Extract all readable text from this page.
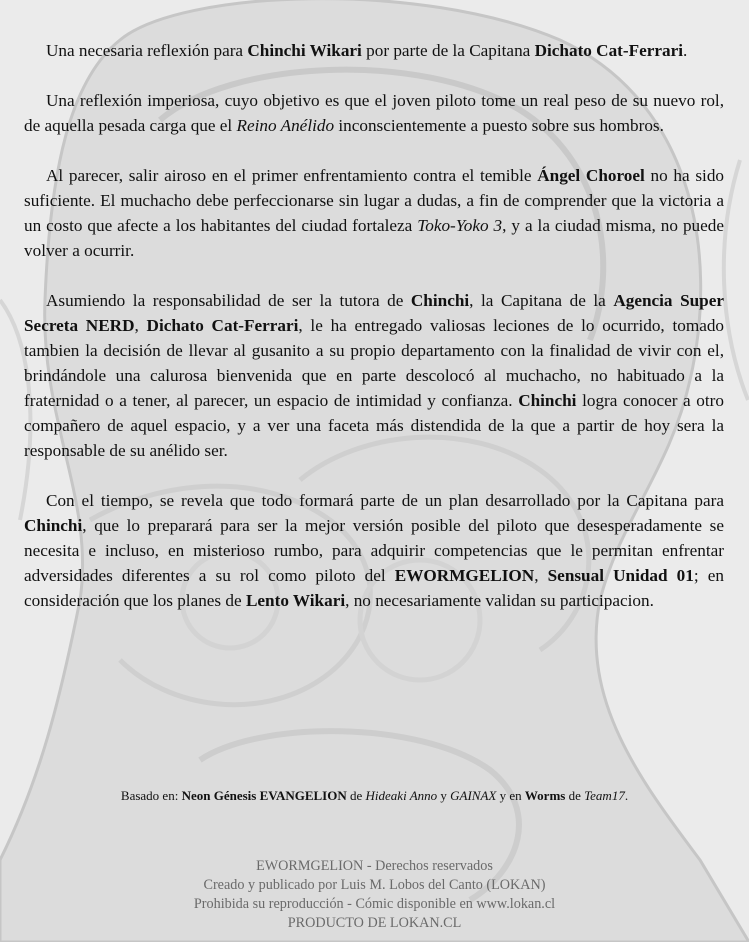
Una necesaria reflexión para Chinchi Wikari por parte de la Capitana Dichato Cat-Ferrari.

Una reflexión imperiosa, cuyo objetivo es que el joven piloto tome un real peso de su nuevo rol, de aquella pesada carga que el Reino Anélido inconscientemente a puesto sobre sus hombros.

Al parecer, salir airoso en el primer enfrentamiento contra el temible Ángel Choroel no ha sido suficiente. El muchacho debe perfeccionarse sin lugar a dudas, a fin de comprender que la victoria a un costo que afecte a los habitantes del ciudad fortaleza Toko-Yoko 3, y a la ciudad misma, no puede volver a ocurrir.

Asumiendo la responsabilidad de ser la tutora de Chinchi, la Capitana de la Agencia Super Secreta NERD, Dichato Cat-Ferrari, le ha entregado valiosas leciones de lo ocurrido, tomado tambien la decisión de llevar al gusanito a su propio departamento con la finalidad de vivir con el, brindándole una calurosa bienvenida que en parte descolocó al muchacho, no habituado a la fraternidad o a tener, al parecer, un espacio de intimidad y confianza. Chinchi logra conocer a otro compañero de aquel espacio, y a ver una faceta más distendida de la que a partir de hoy sera la responsable de su anélido ser.

Con el tiempo, se revela que todo formará parte de un plan desarrollado por la Capitana para Chinchi, que lo preparará para ser la mejor versión posible del piloto que desesperadamente se necesita e incluso, en misterioso rumbo, para adquirir competencias que le permitan enfrentar adversidades diferentes a su rol como piloto del EWORMGELION, Sensual Unidad 01; en consideración que los planes de Lento Wikari, no necesariamente validan su participacion.

Basado en: Neon Génesis EVANGELION de Hideaki Anno y GAINAX y en Worms de Team17.
EWORMGELION - Derechos reservados
Creado y publicado por Luis M. Lobos del Canto (LOKAN)
Prohibida su reproducción - Cómic disponible en www.lokan.cl
PRODUCTO DE LOKAN.CL
